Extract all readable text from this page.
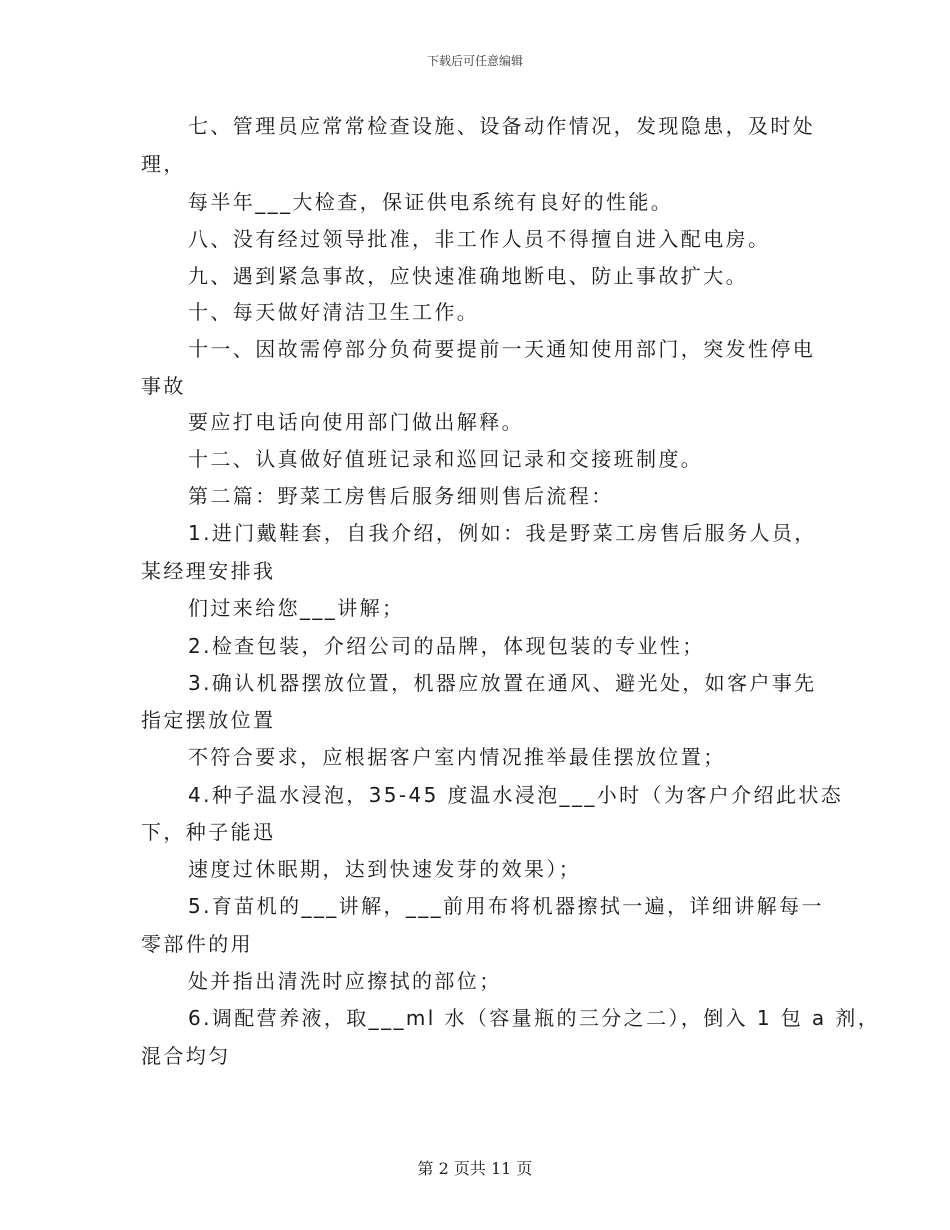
下载后可任意编辑
七、管理员应常常检查设施、设备动作情况，发现隐患，及时处
理，
每半年___大检查，保证供电系统有良好的性能。
八、没有经过领导批准，非工作人员不得擅自进入配电房。
九、遇到紧急事故，应快速准确地断电、防止事故扩大。
十、每天做好清洁卫生工作。
十一、因故需停部分负荷要提前一天通知使用部门，突发性停电
事故
要应打电话向使用部门做出解释。
十二、认真做好值班记录和巡回记录和交接班制度。
第二篇：野菜工房售后服务细则售后流程：
1.进门戴鞋套，自我介绍，例如：我是野菜工房售后服务人员，
某经理安排我
们过来给您___讲解；
2.检查包装，介绍公司的品牌，体现包装的专业性；
3.确认机器摆放位置，机器应放置在通风、避光处，如客户事先
指定摆放位置
不符合要求，应根据客户室内情况推举最佳摆放位置；
4.种子温水浸泡，35-45 度温水浸泡___小时（为客户介绍此状态
下，种子能迅
速度过休眠期，达到快速发芽的效果）；
5.育苗机的___讲解，___前用布将机器擦拭一遍，详细讲解每一
零部件的用
处并指出清洗时应擦拭的部位；
6.调配营养液，取___ml 水（容量瓶的三分之二），倒入 1 包 a 剂，
混合均匀
第 2 页共 11 页
